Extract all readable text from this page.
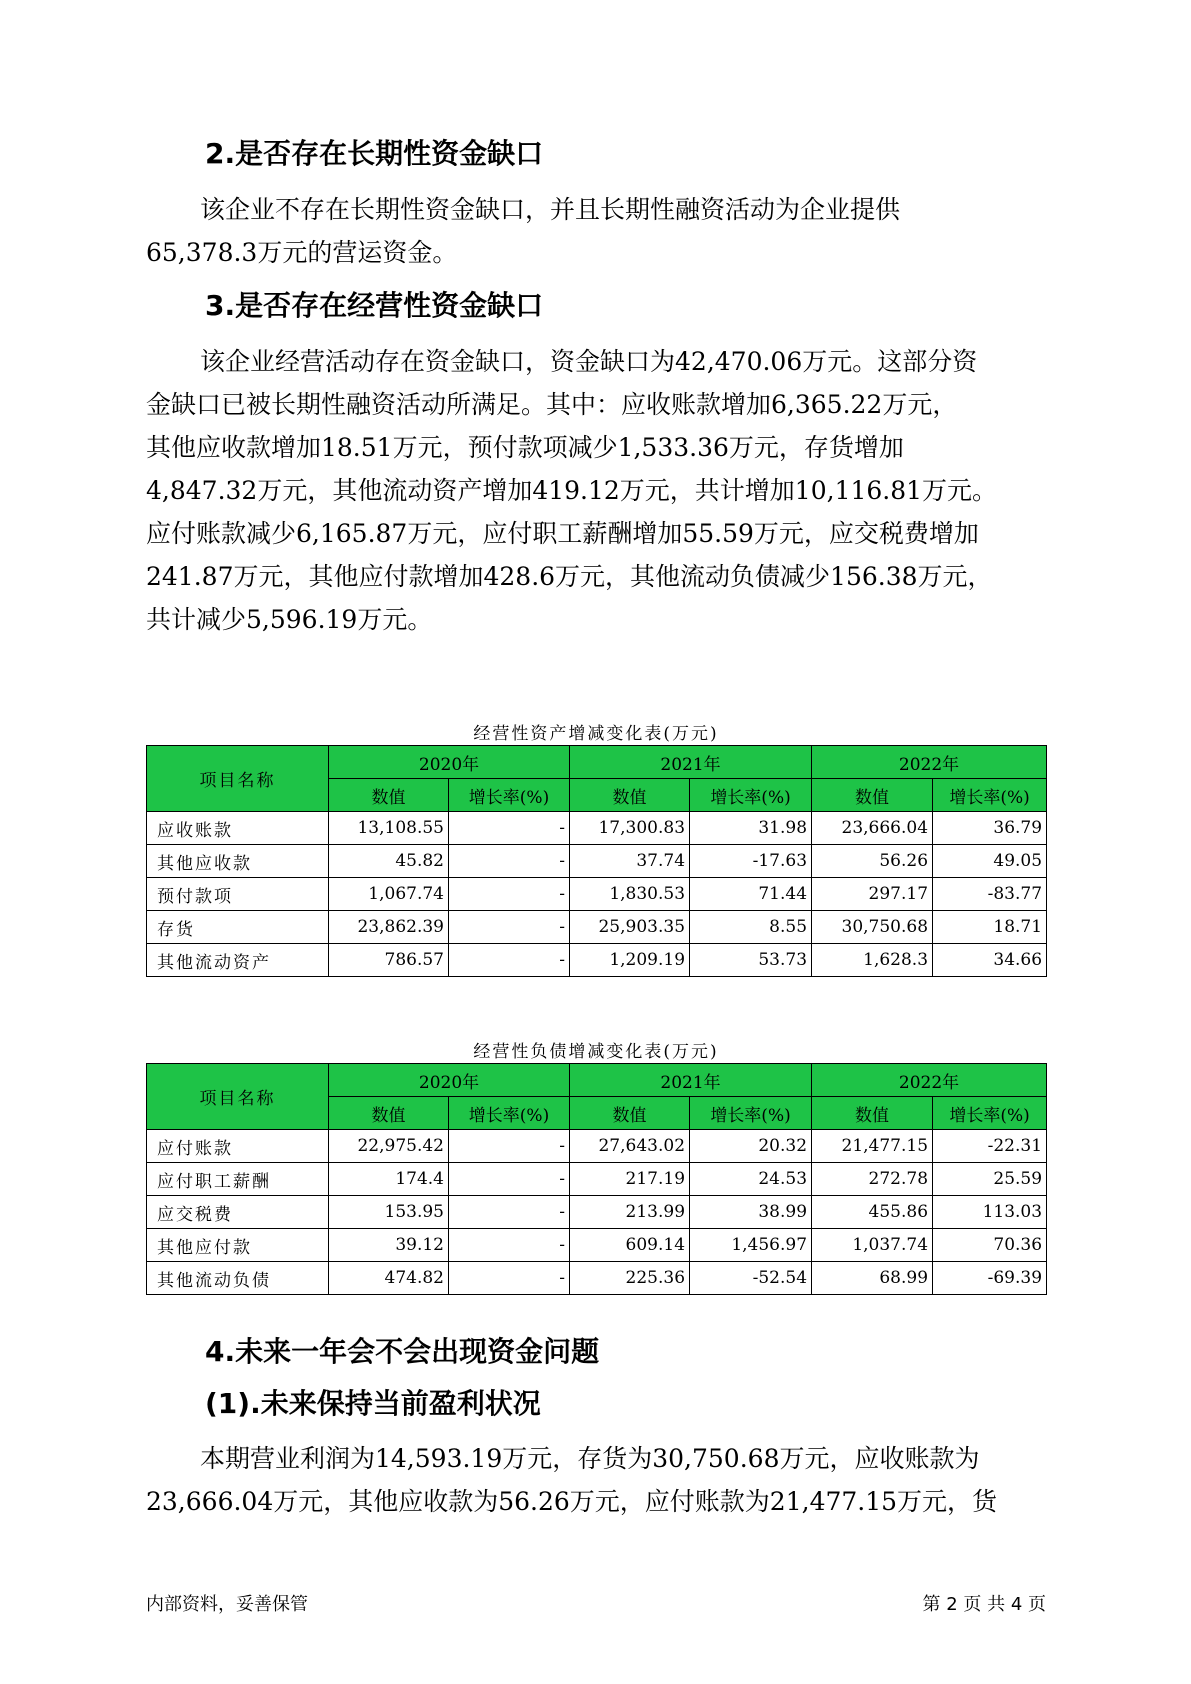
2.是否存在长期性资金缺口
该企业不存在长期性资金缺口，并且长期性融资活动为企业提供
65,378.3万元的营运资金。
3.是否存在经营性资金缺口
该企业经营活动存在资金缺口，资金缺口为42,470.06万元。这部分资
金缺口已被长期性融资活动所满足。其中：应收账款增加6,365.22万元，
其他应收款增加18.51万元，预付款项减少1,533.36万元，存货增加
4,847.32万元，其他流动资产增加419.12万元，共计增加10,116.81万元。
应付账款减少6,165.87万元，应付职工薪酬增加55.59万元，应交税费增加
241.87万元，其他应付款增加428.6万元，其他流动负债减少156.38万元，
共计减少5,596.19万元。
经营性资产增减变化表(万元)
项目名称	2020年		2021年		2022年	
	数值	增长率(%)	数值	增长率(%)	数值	增长率(%)
应收账款	13,108.55	-	17,300.83	31.98	23,666.04	36.79
其他应收款	45.82	-	37.74	-17.63	56.26	49.05
预付款项	1,067.74	-	1,830.53	71.44	297.17	-83.77
存货	23,862.39	-	25,903.35	8.55	30,750.68	18.71
其他流动资产	786.57	-	1,209.19	53.73	1,628.3	34.66
经营性负债增减变化表(万元)
项目名称	2020年		2021年		2022年	
	数值	增长率(%)	数值	增长率(%)	数值	增长率(%)
应付账款	22,975.42	-	27,643.02	20.32	21,477.15	-22.31
应付职工薪酬	174.4	-	217.19	24.53	272.78	25.59
应交税费	153.95	-	213.99	38.99	455.86	113.03
其他应付款	39.12	-	609.14	1,456.97	1,037.74	70.36
其他流动负债	474.82	-	225.36	-52.54	68.99	-69.39
4.未来一年会不会出现资金问题
(1).未来保持当前盈利状况
本期营业利润为14,593.19万元，存货为30,750.68万元，应收账款为
23,666.04万元，其他应收款为56.26万元，应付账款为21,477.15万元，货
内部资料，妥善保管	第 2 页 共 4 页
